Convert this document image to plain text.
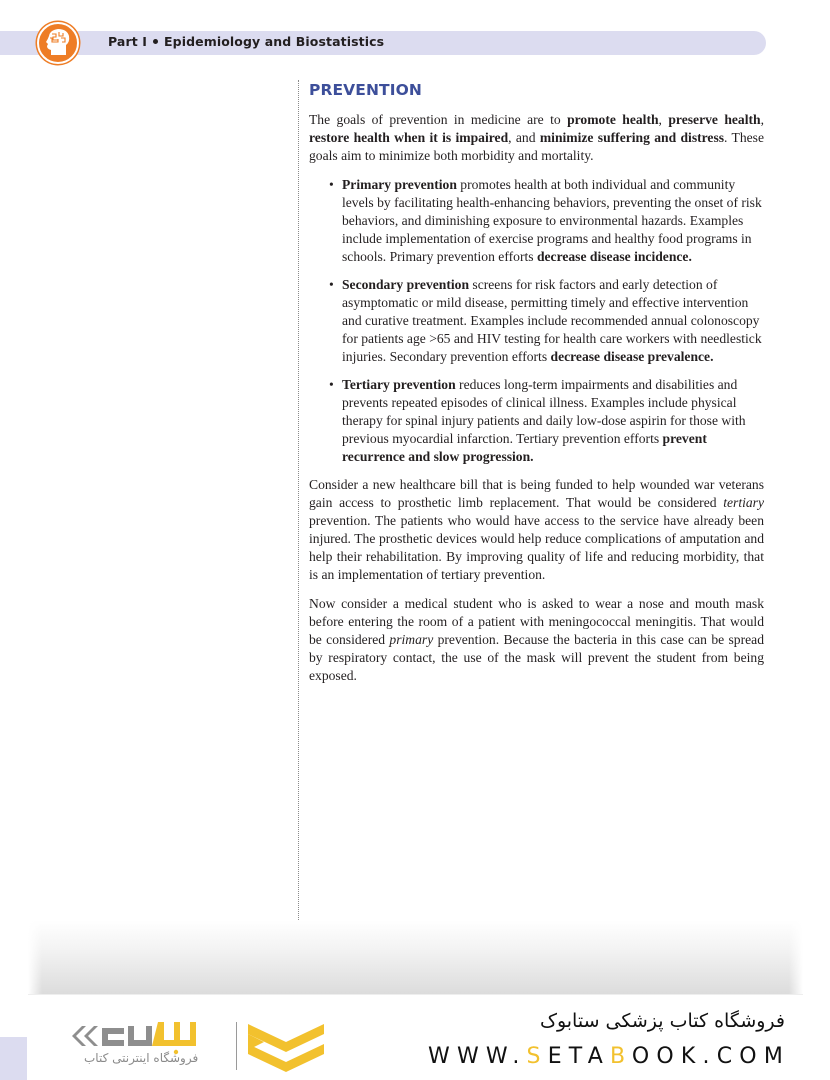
Part I Epidemiology and Biostatistics
PREVENTION

The goals of prevention in medicine are to promote health, preserve health, restore health when it is impaired, and minimize suffering and distress. These goals aim to minimize both morbidity and mortality.

• Primary prevention promotes health at both individual and community levels by facilitating health-enhancing behaviors, preventing the onset of risk behaviors, and diminishing exposure to environmental hazards. Examples include implementation of exercise programs and healthy food programs in schools. Primary prevention efforts decrease disease incidence.
• Secondary prevention screens for risk factors and early detection of asymptomatic or mild disease, permitting timely and effective intervention and curative treatment. Examples include recommended annual colonoscopy for patients age >65 and HIV testing for health care workers with needlestick injuries. Secondary prevention efforts decrease disease prevalence.
• Tertiary prevention reduces long-term impairments and disabilities and prevents repeated episodes of clinical illness. Examples include physical therapy for spinal injury patients and daily low-dose aspirin for those with previous myocardial infarction. Tertiary prevention efforts prevent recurrence and slow progression.

Consider a new healthcare bill that is being funded to help wounded war veterans gain access to prosthetic limb replacement. That would be considered tertiary prevention. The patients who would have access to the service have already been injured. The prosthetic devices would help reduce complications of amputation and help their rehabilitation. By improving quality of life and reducing morbidity, that is an implementation of tertiary prevention.

Now consider a medical student who is asked to wear a nose and mouth mask before entering the room of a patient with meningococcal meningitis. That would be considered primary prevention. Because the bacteria in this case can be spread by respiratory contact, the use of the mask will prevent the student from being exposed.

فروشگاه اینترنتی کتاب
فروشگاه کتاب پزشکی ستابوک
WWW.SETABOOK.COM
